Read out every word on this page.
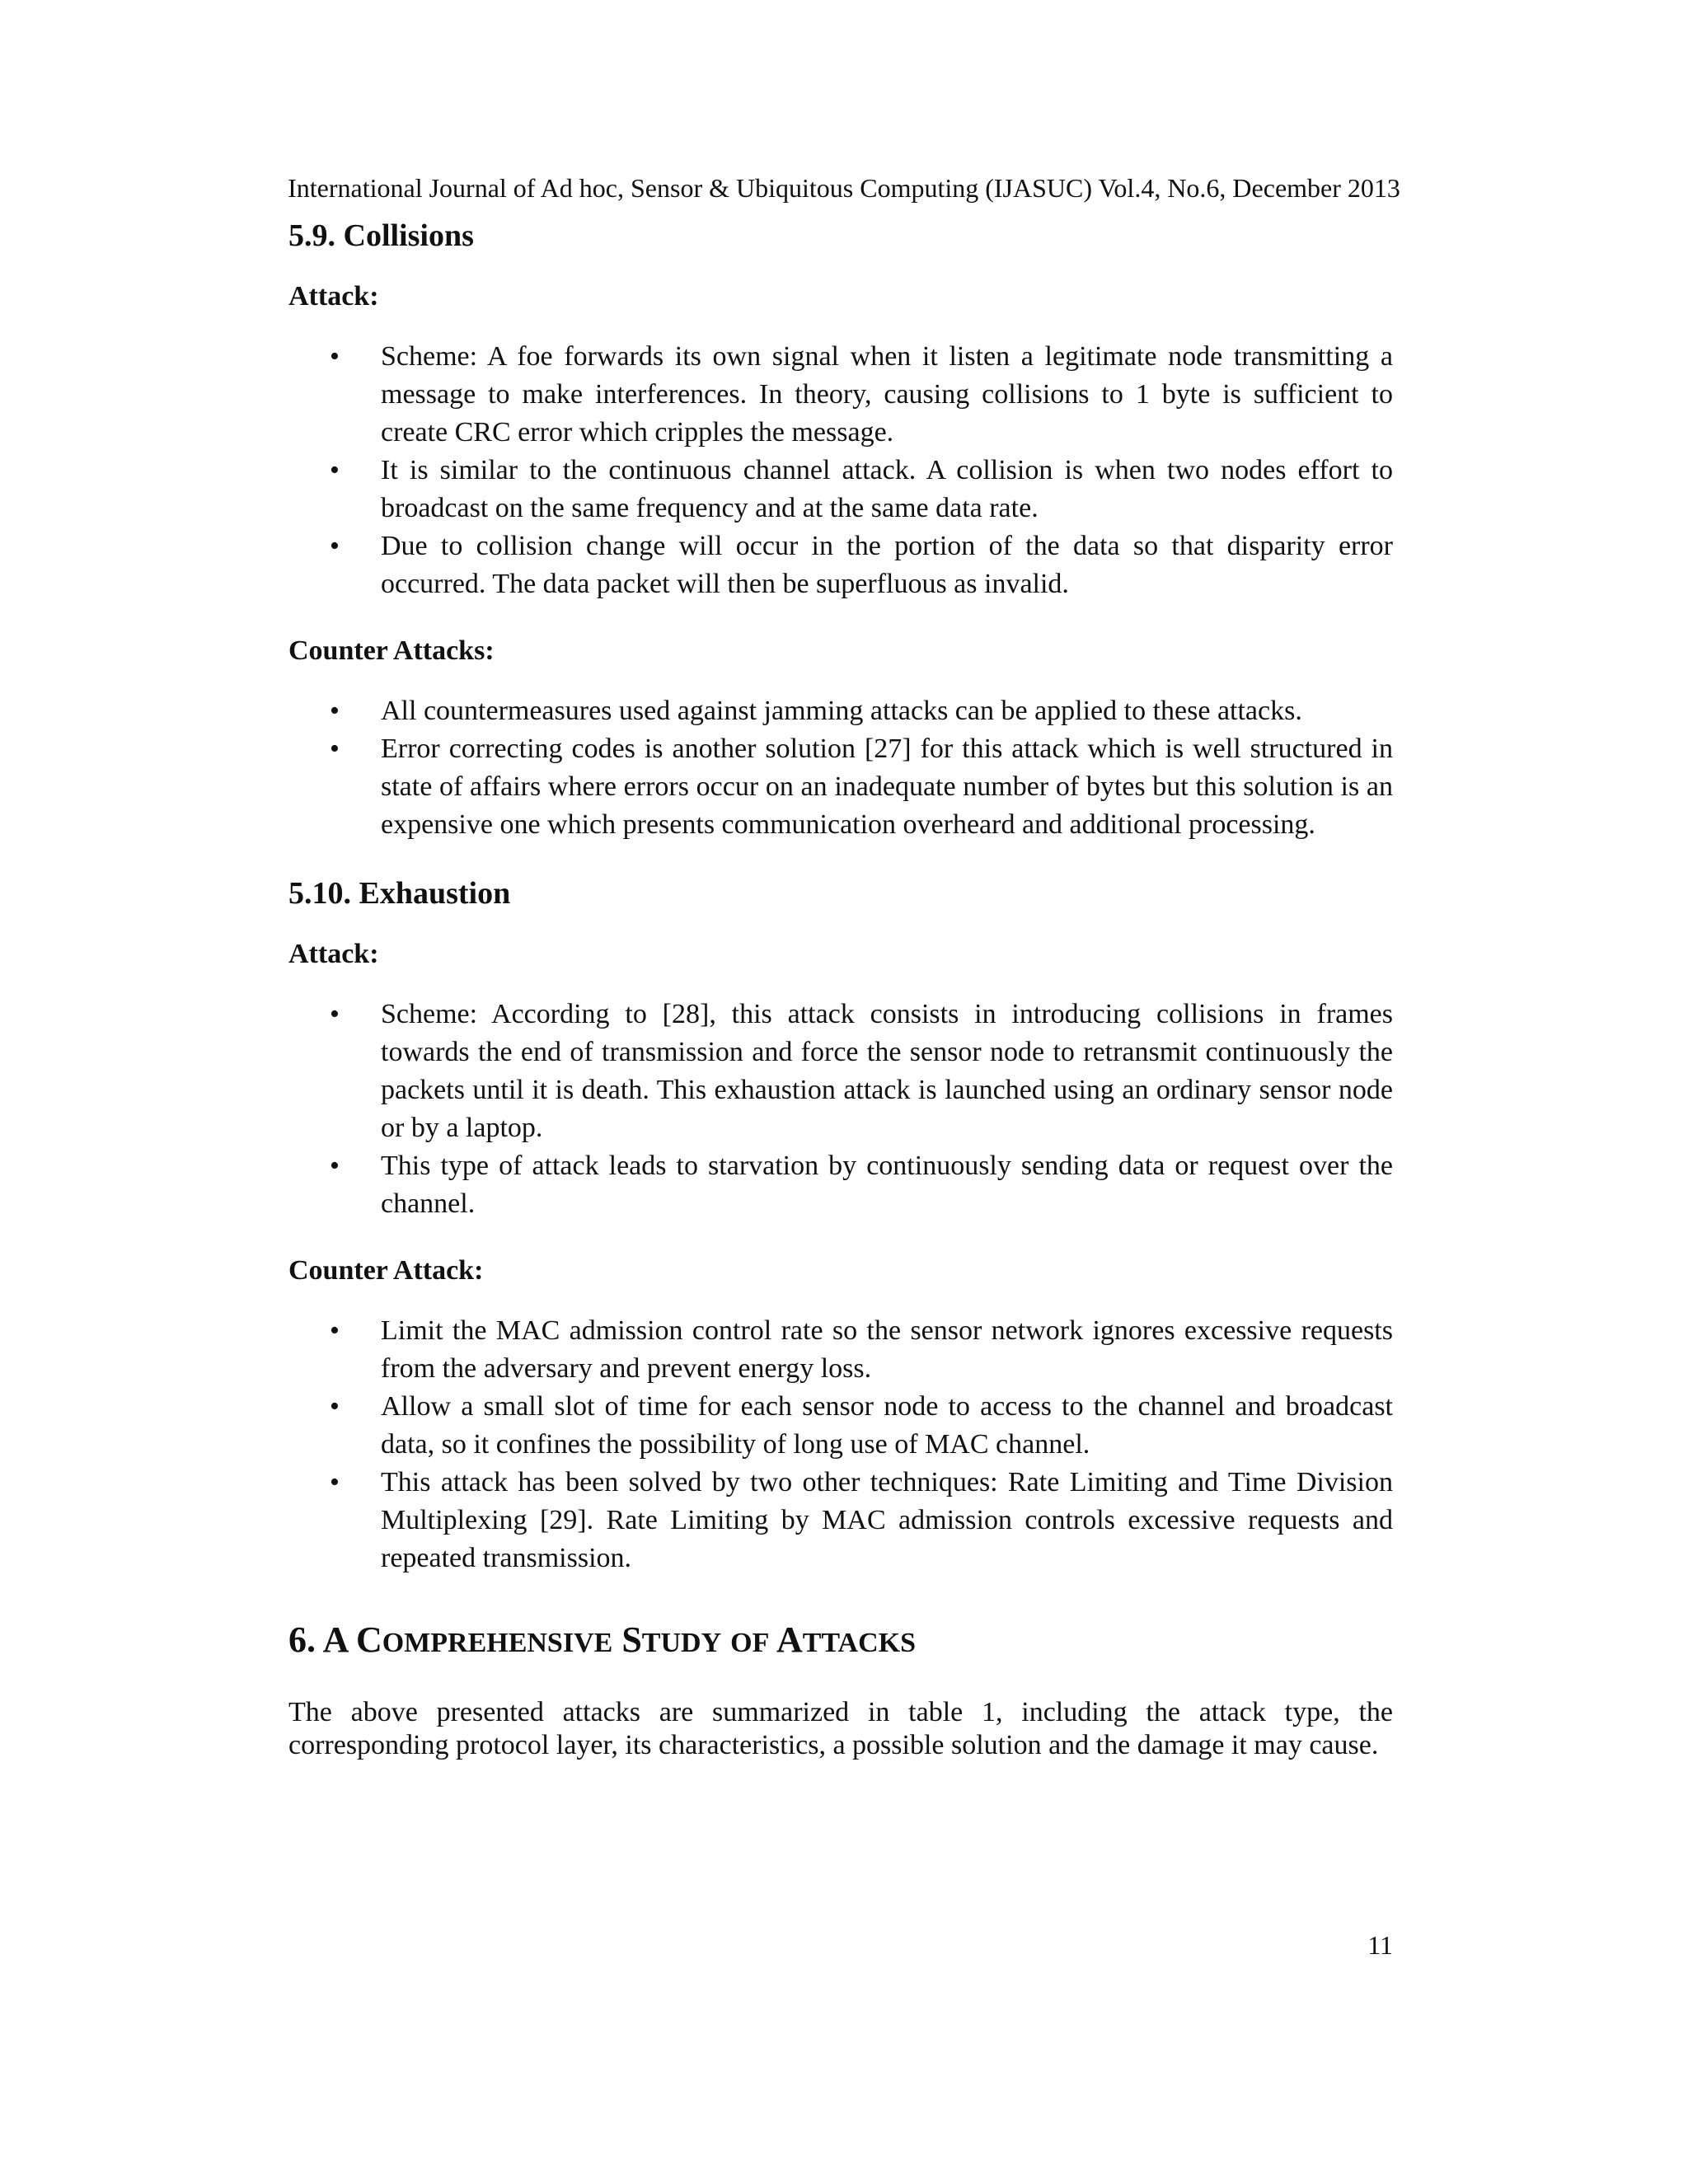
International Journal of Ad hoc, Sensor & Ubiquitous Computing (IJASUC) Vol.4, No.6, December 2013
5.9. Collisions

Attack:

• Scheme: A foe forwards its own signal when it listen a legitimate node transmitting a message to make interferences. In theory, causing collisions to 1 byte is sufficient to create CRC error which cripples the message.
• It is similar to the continuous channel attack. A collision is when two nodes effort to broadcast on the same frequency and at the same data rate.
• Due to collision change will occur in the portion of the data so that disparity error occurred. The data packet will then be superfluous as invalid.

Counter Attacks:

• All countermeasures used against jamming attacks can be applied to these attacks.
• Error correcting codes is another solution [27] for this attack which is well structured in state of affairs where errors occur on an inadequate number of bytes but this solution is an expensive one which presents communication overheard and additional processing.
5.10. Exhaustion

Attack:

• Scheme: According to [28], this attack consists in introducing collisions in frames towards the end of transmission and force the sensor node to retransmit continuously the packets until it is death. This exhaustion attack is launched using an ordinary sensor node or by a laptop.
• This type of attack leads to starvation by continuously sending data or request over the channel.

Counter Attack:

• Limit the MAC admission control rate so the sensor network ignores excessive requests from the adversary and prevent energy loss.
• Allow a small slot of time for each sensor node to access to the channel and broadcast data, so it confines the possibility of long use of MAC channel.
• This attack has been solved by two other techniques: Rate Limiting and Time Division Multiplexing [29]. Rate Limiting by MAC admission controls excessive requests and repeated transmission.
6. A COMPREHENSIVE STUDY OF ATTACKS

The above presented attacks are summarized in table 1, including the attack type, the corresponding protocol layer, its characteristics, a possible solution and the damage it may cause.

11
